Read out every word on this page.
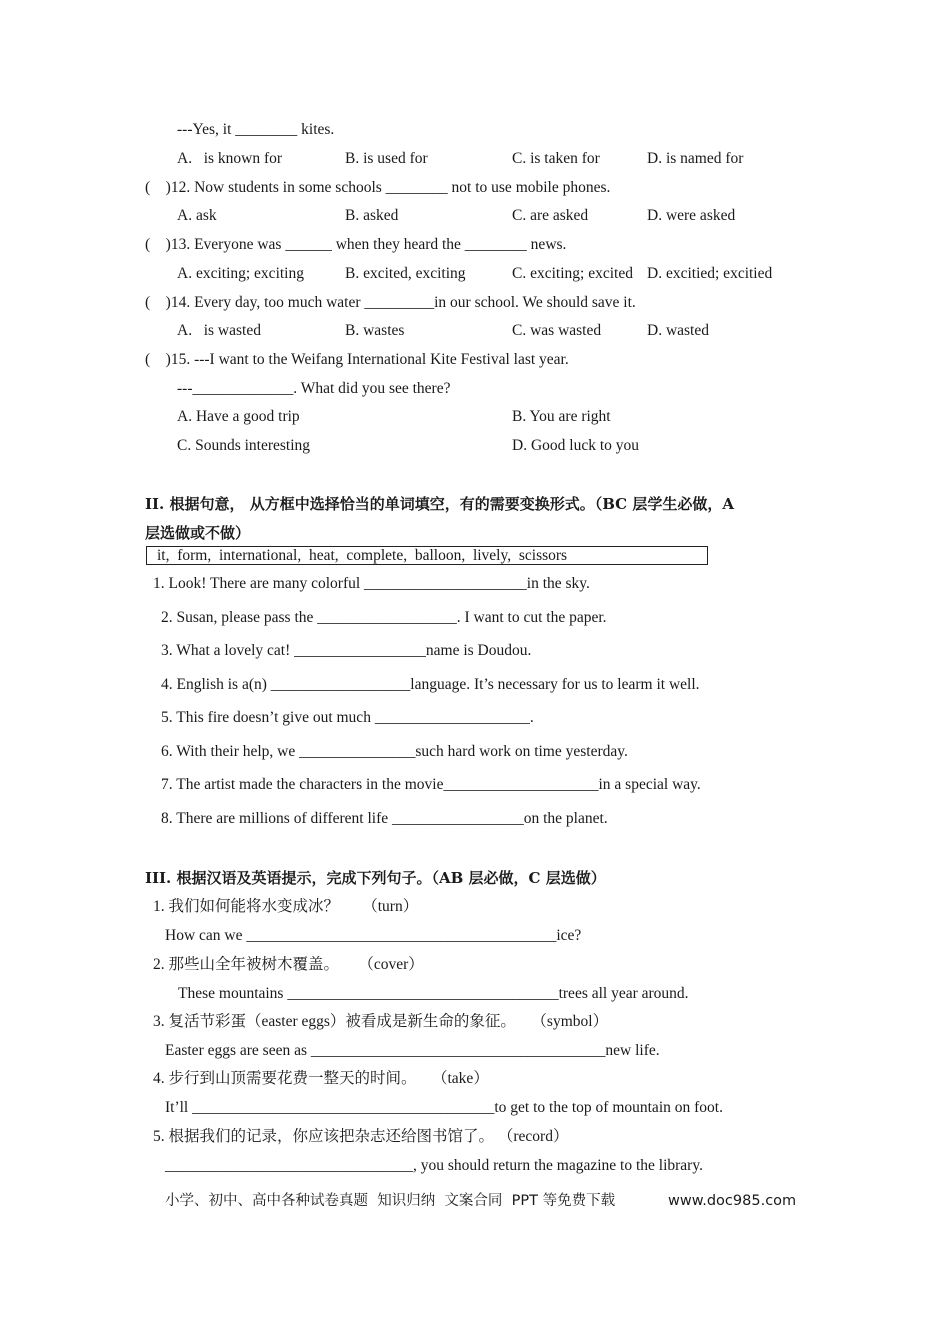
---Yes, it ________ kites.
A.   is known for	B. is used for	C. is taken for	D. is named for
(    )12. Now students in some schools ________ not to use mobile phones.
A. ask	B. asked	C. are asked	D. were asked
(    )13. Everyone was ______ when they heard the ________ news.
A. exciting; exciting	B. excited, exciting	C. exciting; excited D. excitied; excitied
(    )14. Every day, too much water _________in our school. We should save it.
A.   is wasted	B. wastes	C. was wasted	D. wasted
(    )15. ---I want to the Weifang International Kite Festival last year.
---_____________. What did you see there?
A. Have a good trip	B. You are right
C. Sounds interesting	D. Good luck to you
II. 根据句意， 从方框中选择恰当的单词填空，有的需要变换形式。（BC 层学生必做，A
层选做或不做）
it,  form,  international,  heat,  complete,  balloon,  lively,  scissors
1. Look! There are many colorful _____________________in the sky.
2. Susan, please pass the __________________. I want to cut the paper.
3. What a lovely cat! _________________name is Doudou.
4. English is a(n) __________________language. It’s necessary for us to learm it well.
5. This fire doesn’t give out much ____________________.
6. With their help, we _______________such hard work on time yesterday.
7. The artist made the characters in the movie____________________in a special way.
8. There are millions of different life _________________on the planet.
III. 根据汉语及英语提示，完成下列句子。（AB 层必做，C 层选做）
1. 我们如何能将水变成冰？      （turn）
How can we ________________________________________ice?
2. 那些山全年被树木覆盖。     （cover）
These mountains ___________________________________trees all year around.
3. 复活节彩蛋（easter eggs）被看成是新生命的象征。    （symbol）
Easter eggs are seen as ______________________________________new life.
4. 步行到山顶需要花费一整天的时间。    （take）
It’ll _______________________________________to get to the top of mountain on foot.
5. 根据我们的记录，你应该把杂志还给图书馆了。 （record）
________________________________, you should return the magazine to the library.
小学、初中、高中各种试卷真题  知识归纳  文案合同  PPT 等免费下载	www.doc985.com
